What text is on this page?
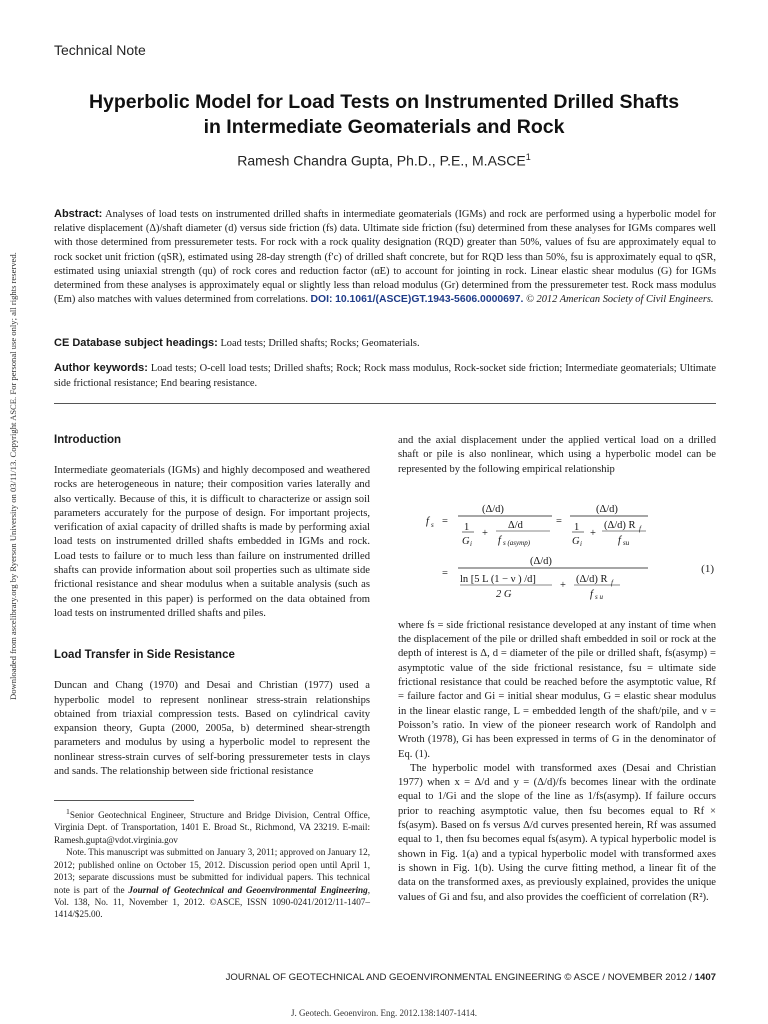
Downloaded from ascelibrary.org by Ryerson University on 03/11/13. Copyright ASCE. For personal use only; all rights reserved.
Technical Note
Hyperbolic Model for Load Tests on Instrumented Drilled Shafts
in Intermediate Geomaterials and Rock
Ramesh Chandra Gupta, Ph.D., P.E., M.ASCE$^1$
Abstract: Analyses of load tests on instrumented drilled shafts in intermediate geomaterials (IGMs) and rock are performed using a hyperbolic model for relative displacement (Δ)/shaft diameter (d) versus side friction (fs) data. Ultimate side friction (fsu) determined from these analyses for IGMs compares well with those determined from pressuremeter tests. For rock with a rock quality designation (RQD) greater than 50%, values of fsu are approximately equal to rock socket unit friction (qSR), estimated using 28-day strength (f′c) of drilled shaft concrete, but for RQD less than 50%, fsu is approximately equal to qSR, estimated using uniaxial strength (qu) of rock cores and reduction factor (αE) to account for jointing in rock. Linear elastic shear modulus (G) for IGMs determined from these analyses is approximately equal or slightly less than reload modulus (Gr) determined from the pressuremeter test. Rock mass modulus (Em) also matches with values determined from correlations. DOI: 10.1061/(ASCE)GT.1943-5606.0000697. © 2012 American Society of Civil Engineers.
CE Database subject headings: Load tests; Drilled shafts; Rocks; Geomaterials.
Author keywords: Load tests; O-cell load tests; Drilled shafts; Rock; Rock mass modulus, Rock-socket side friction; Intermediate geomaterials; Ultimate side frictional resistance; End bearing resistance.
Introduction
Intermediate geomaterials (IGMs) and highly decomposed and weathered rocks are heterogeneous in nature; their composition varies laterally and also vertically. Because of this, it is difficult to characterize or assign soil parameters accurately for the purpose of design. For important projects, verification of axial capacity of drilled shafts is made by performing axial load tests on instrumented drilled shafts embedded in IGMs and rock. Load tests to failure or to much less than failure on instrumented drilled shafts can provide information about soil properties such as ultimate side frictional resistance and shear modulus when a suitable analysis (such as the one presented in this paper) is performed on the data obtained from load tests on instrumented drilled shafts and piles.
Load Transfer in Side Resistance
Duncan and Chang (1970) and Desai and Christian (1977) used a hyperbolic model to represent nonlinear stress-strain relationships obtained from triaxial compression tests. Based on cylindrical cavity expansion theory, Gupta (2000, 2005a, b) determined shear-strength parameters and modulus by using a hyperbolic model to represent the nonlinear stress-strain curves of self-boring pressuremeter tests in clays and sands. The relationship between side frictional resistance
and the axial displacement under the applied vertical load on a drilled shaft or pile is also nonlinear, which using a hyperbolic model can be represented by the following empirical relationship
where fs = side frictional resistance developed at any instant of time when the displacement of the pile or drilled shaft embedded in soil or rock at the depth of interest is Δ, d = diameter of the pile or drilled shaft, fs(asymp) = asymptotic value of the side frictional resistance, fsu = ultimate side frictional resistance that could be reached before the asymptotic value, Rf = failure factor and Gi = initial shear modulus, G = elastic shear modulus in the linear elastic range, L = embedded length of the shaft/pile, and ν = Poisson’s ratio. In view of the pioneer research work of Randolph and Wroth (1978), Gi has been expressed in terms of G in the denominator of Eq. (1).
The hyperbolic model with transformed axes (Desai and Christian 1977) when x = Δ/d and y = (Δ/d)/fs becomes linear with the ordinate equal to 1/Gi and the slope of the line as 1/fs(asymp). If failure occurs prior to reaching asymptotic value, then fsu becomes equal to Rf × fs(asym). Based on fs versus Δ/d curves presented herein, Rf was assumed equal to 1, then fsu becomes equal fs(asym). A typical hyperbolic model is shown in Fig. 1(a) and a typical hyperbolic model with transformed axes is shown in Fig. 1(b). Using the curve fitting method, a linear fit of the data on the transformed axes, as previously explained, provides the unique values of Gi and fsu, and also provides the coefficient of correlation (R²).
f s =
(Δ/d)
1
G i
+
Δ/d
f s (asymp)
=
(Δ/d)
1
G i
+
(Δ/d) R f
f su
=
(Δ/d)
ln [5 L (1 − ν ) /d]
2 G
+
(Δ/d) R f
f s u
(1)
$^1$Senior Geotechnical Engineer, Structure and Bridge Division, Central Office, Virginia Dept. of Transportation, 1401 E. Broad St., Richmond, VA 23219. E-mail: Ramesh.gupta@vdot.virginia.gov
Note. This manuscript was submitted on January 3, 2011; approved on January 12, 2012; published online on October 15, 2012. Discussion period open until April 1, 2013; separate discussions must be submitted for individual papers. This technical note is part of the Journal of Geotechnical and Geoenvironmental Engineering, Vol. 138, No. 11, November 1, 2012. ©ASCE, ISSN 1090-0241/2012/11-1407–1414/$25.00.
JOURNAL OF GEOTECHNICAL AND GEOENVIRONMENTAL ENGINEERING © ASCE / NOVEMBER 2012 / 1407
J. Geotech. Geoenviron. Eng. 2012.138:1407-1414.
